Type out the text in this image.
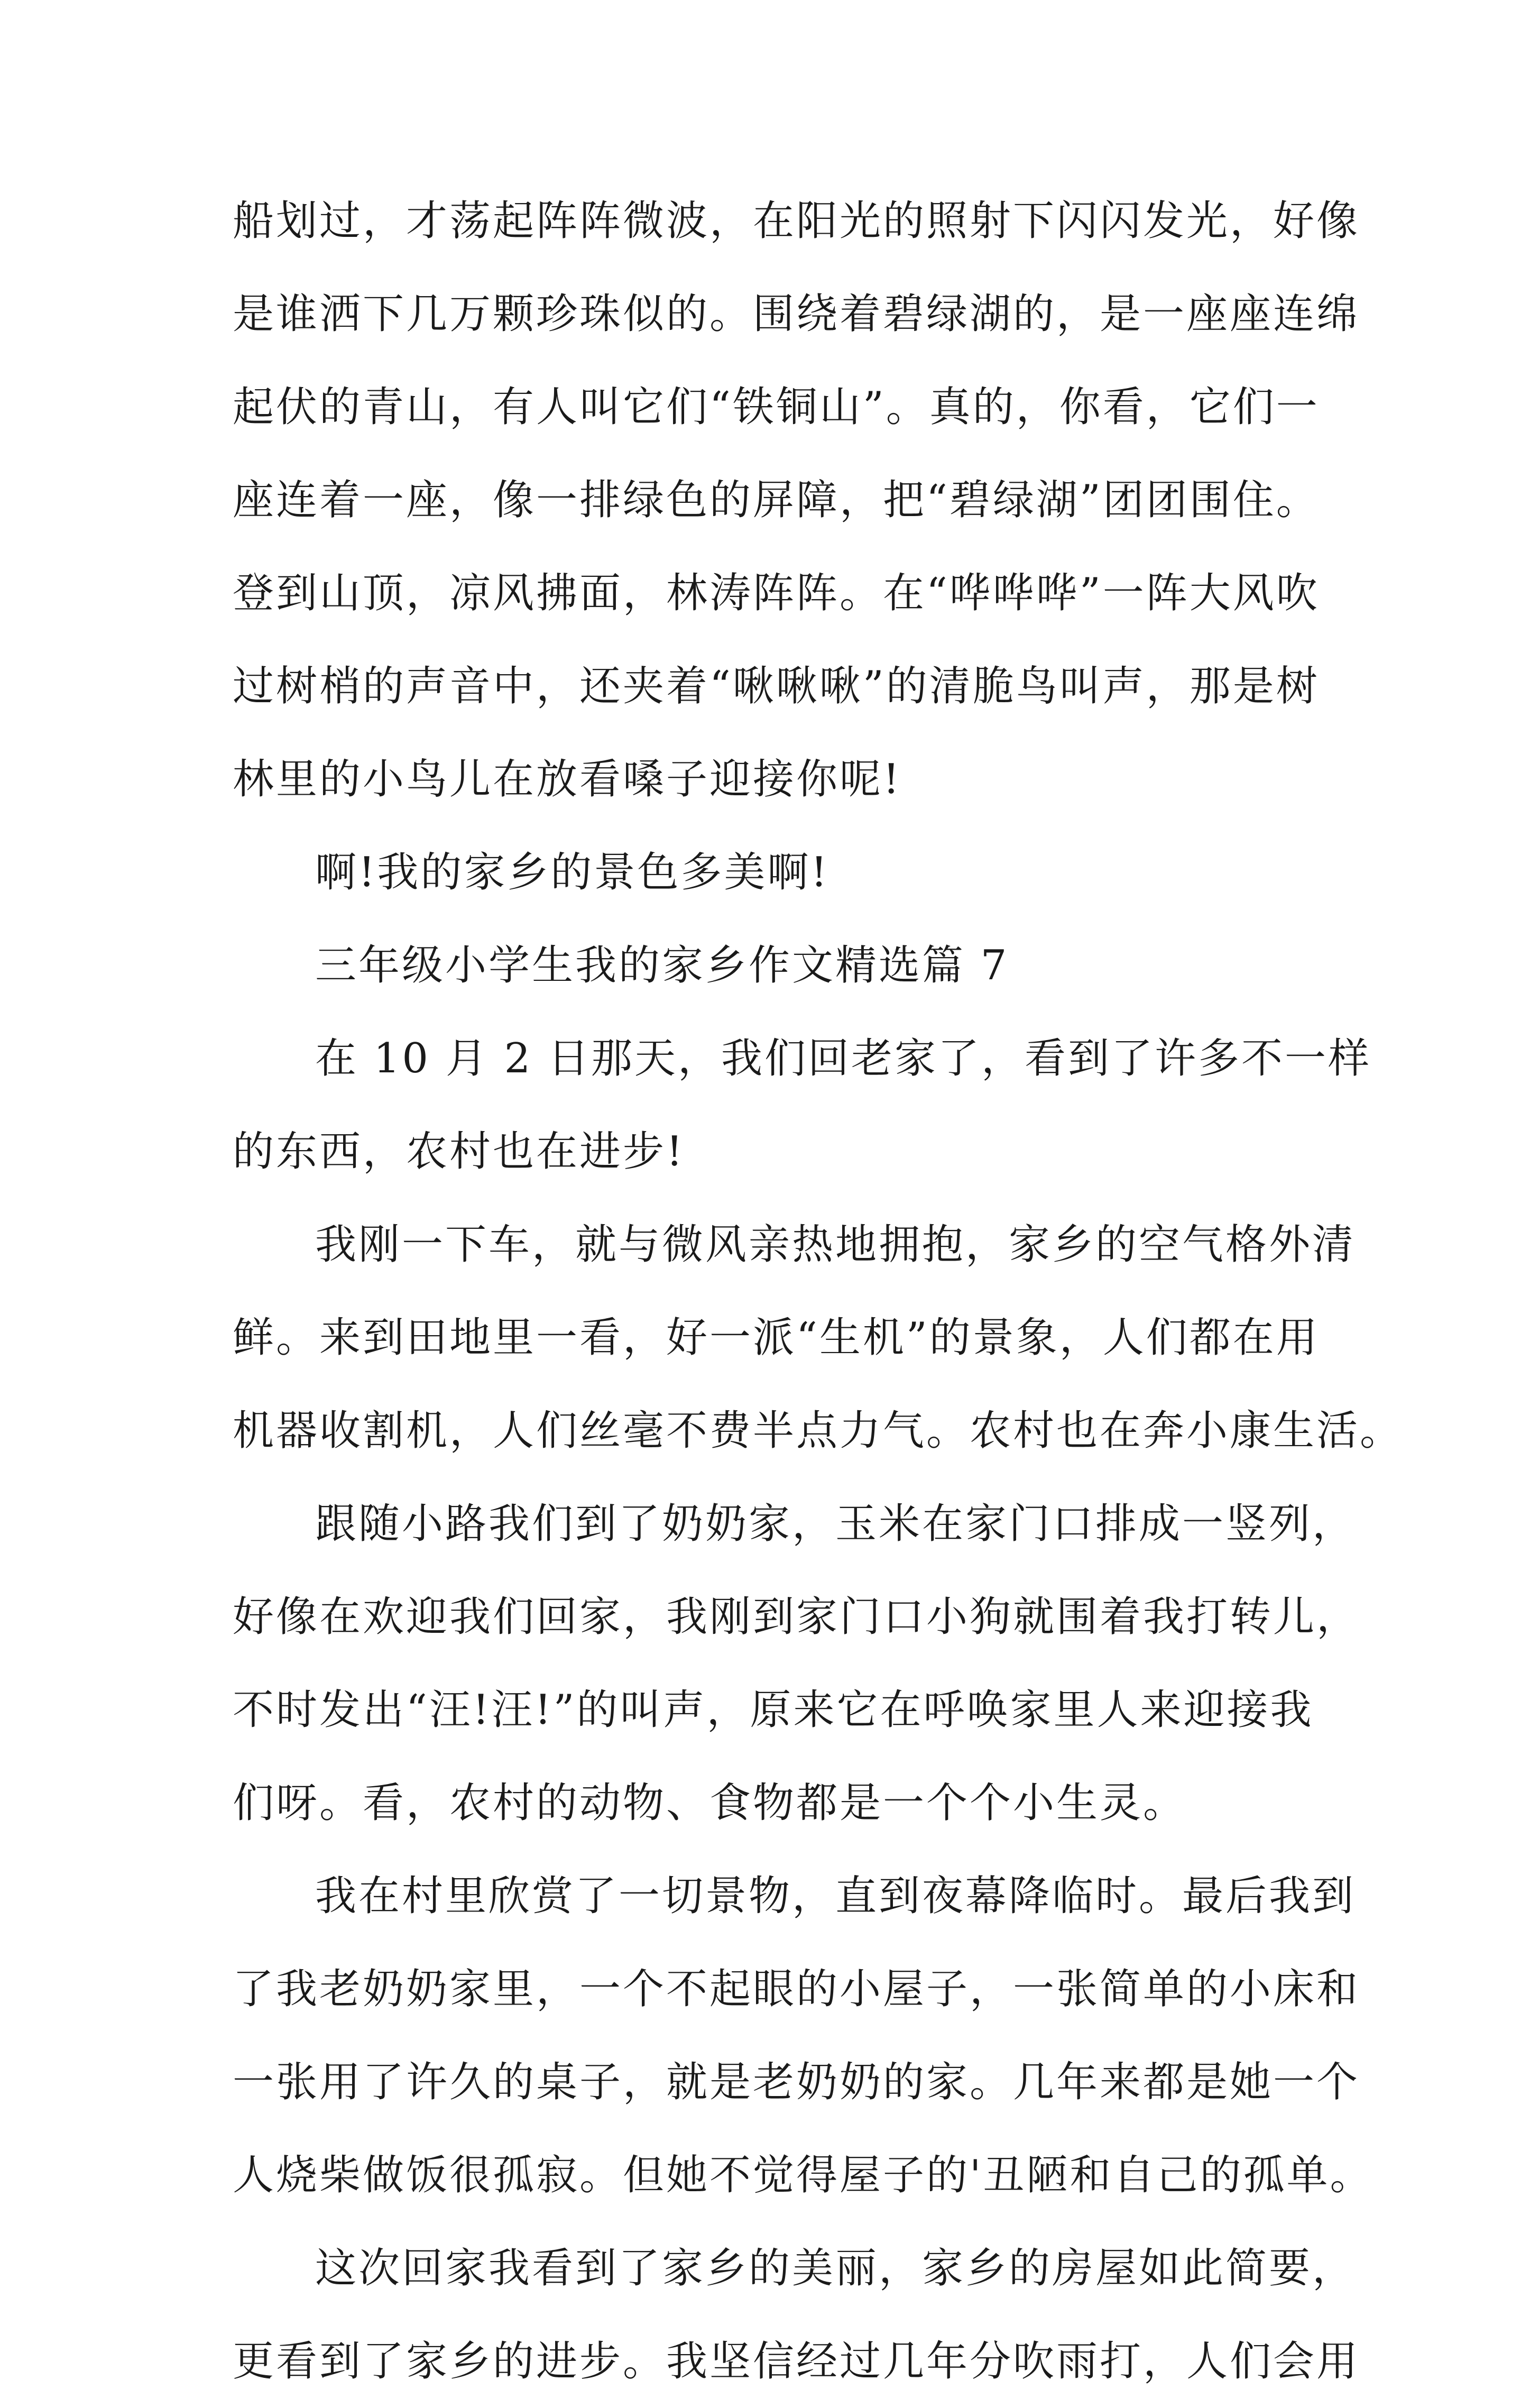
船划过，才荡起阵阵微波，在阳光的照射下闪闪发光，好像
是谁洒下几万颗珍珠似的。围绕着碧绿湖的，是一座座连绵
起伏的青山，有人叫它们“铁铜山”。真的，你看，它们一
座连着一座，像一排绿色的屏障，把“碧绿湖”团团围住。
登到山顶，凉风拂面，林涛阵阵。在“哗哗哗”一阵大风吹
过树梢的声音中，还夹着“啾啾啾”的清脆鸟叫声，那是树
林里的小鸟儿在放看嗓子迎接你呢!
啊!我的家乡的景色多美啊!
三年级小学生我的家乡作文精选篇 7
在 10 月 2 日那天，我们回老家了，看到了许多不一样
的东西，农村也在进步!
我刚一下车，就与微风亲热地拥抱，家乡的空气格外清
鲜。来到田地里一看，好一派“生机”的景象，人们都在用
机器收割机，人们丝毫不费半点力气。农村也在奔小康生活。
跟随小路我们到了奶奶家，玉米在家门口排成一竖列，
好像在欢迎我们回家，我刚到家门口小狗就围着我打转儿，
不时发出“汪!汪!”的叫声，原来它在呼唤家里人来迎接我
们呀。看，农村的动物、食物都是一个个小生灵。
我在村里欣赏了一切景物，直到夜幕降临时。最后我到
了我老奶奶家里，一个不起眼的小屋子，一张简单的小床和
一张用了许久的桌子，就是老奶奶的家。几年来都是她一个
人烧柴做饭很孤寂。但她不觉得屋子的'丑陋和自己的孤单。
这次回家我看到了家乡的美丽，家乡的房屋如此简要，
更看到了家乡的进步。我坚信经过几年分吹雨打，人们会用
